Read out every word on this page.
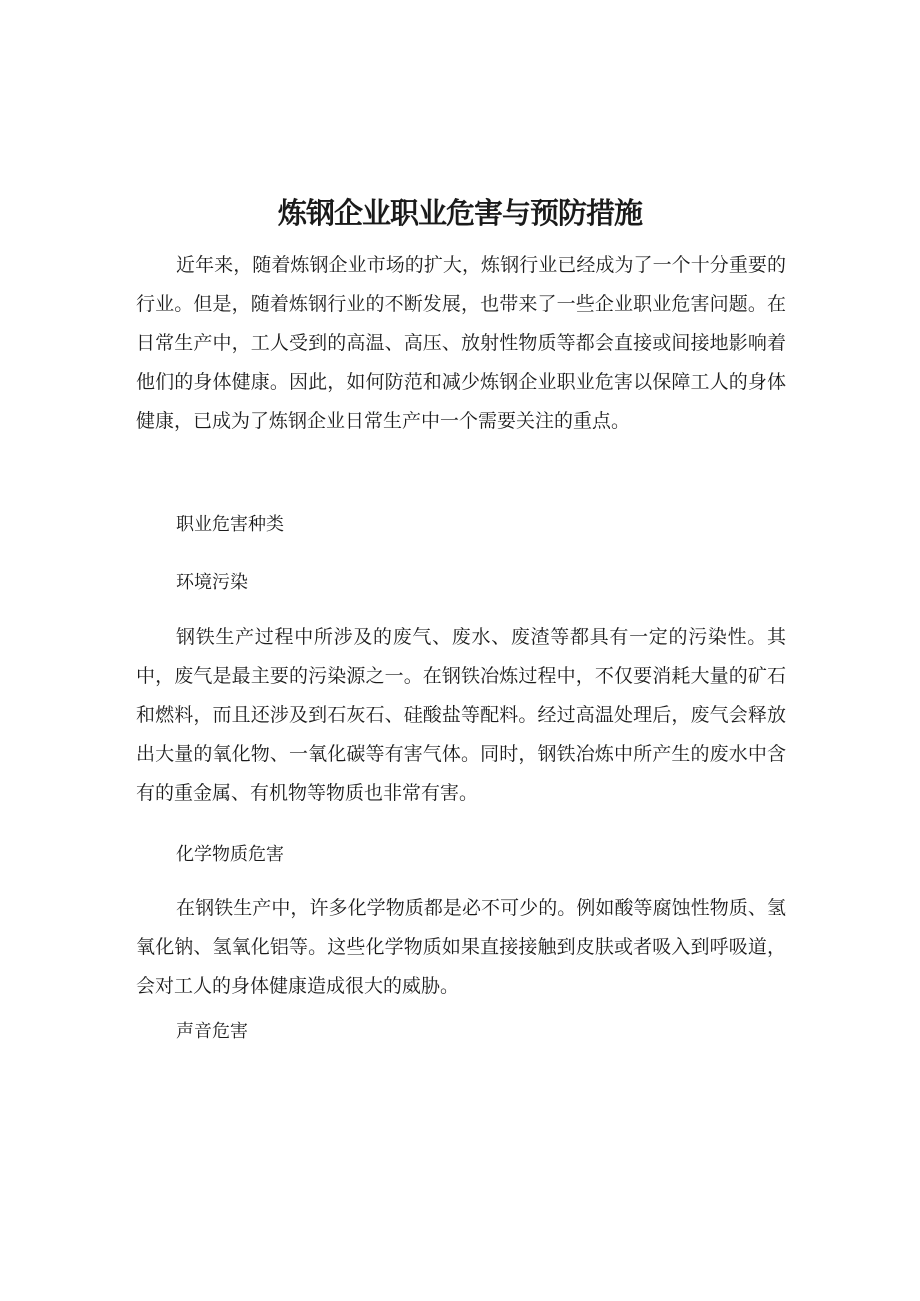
炼钢企业职业危害与预防措施

近年来，随着炼钢企业市场的扩大，炼钢行业已经成为了一个十分重要的行业。但是，随着炼钢行业的不断发展，也带来了一些企业职业危害问题。在日常生产中，工人受到的高温、高压、放射性物质等都会直接或间接地影响着他们的身体健康。因此，如何防范和减少炼钢企业职业危害以保障工人的身体健康，已成为了炼钢企业日常生产中一个需要关注的重点。

职业危害种类
环境污染

钢铁生产过程中所涉及的废气、废水、废渣等都具有一定的污染性。其中，废气是最主要的污染源之一。在钢铁冶炼过程中，不仅要消耗大量的矿石和燃料，而且还涉及到石灰石、硅酸盐等配料。经过高温处理后，废气会释放出大量的氧化物、一氧化碳等有害气体。同时，钢铁冶炼中所产生的废水中含有的重金属、有机物等物质也非常有害。

化学物质危害

在钢铁生产中，许多化学物质都是必不可少的。例如酸等腐蚀性物质、氢氧化钠、氢氧化铝等。这些化学物质如果直接接触到皮肤或者吸入到呼吸道，会对工人的身体健康造成很大的威胁。

声音危害
